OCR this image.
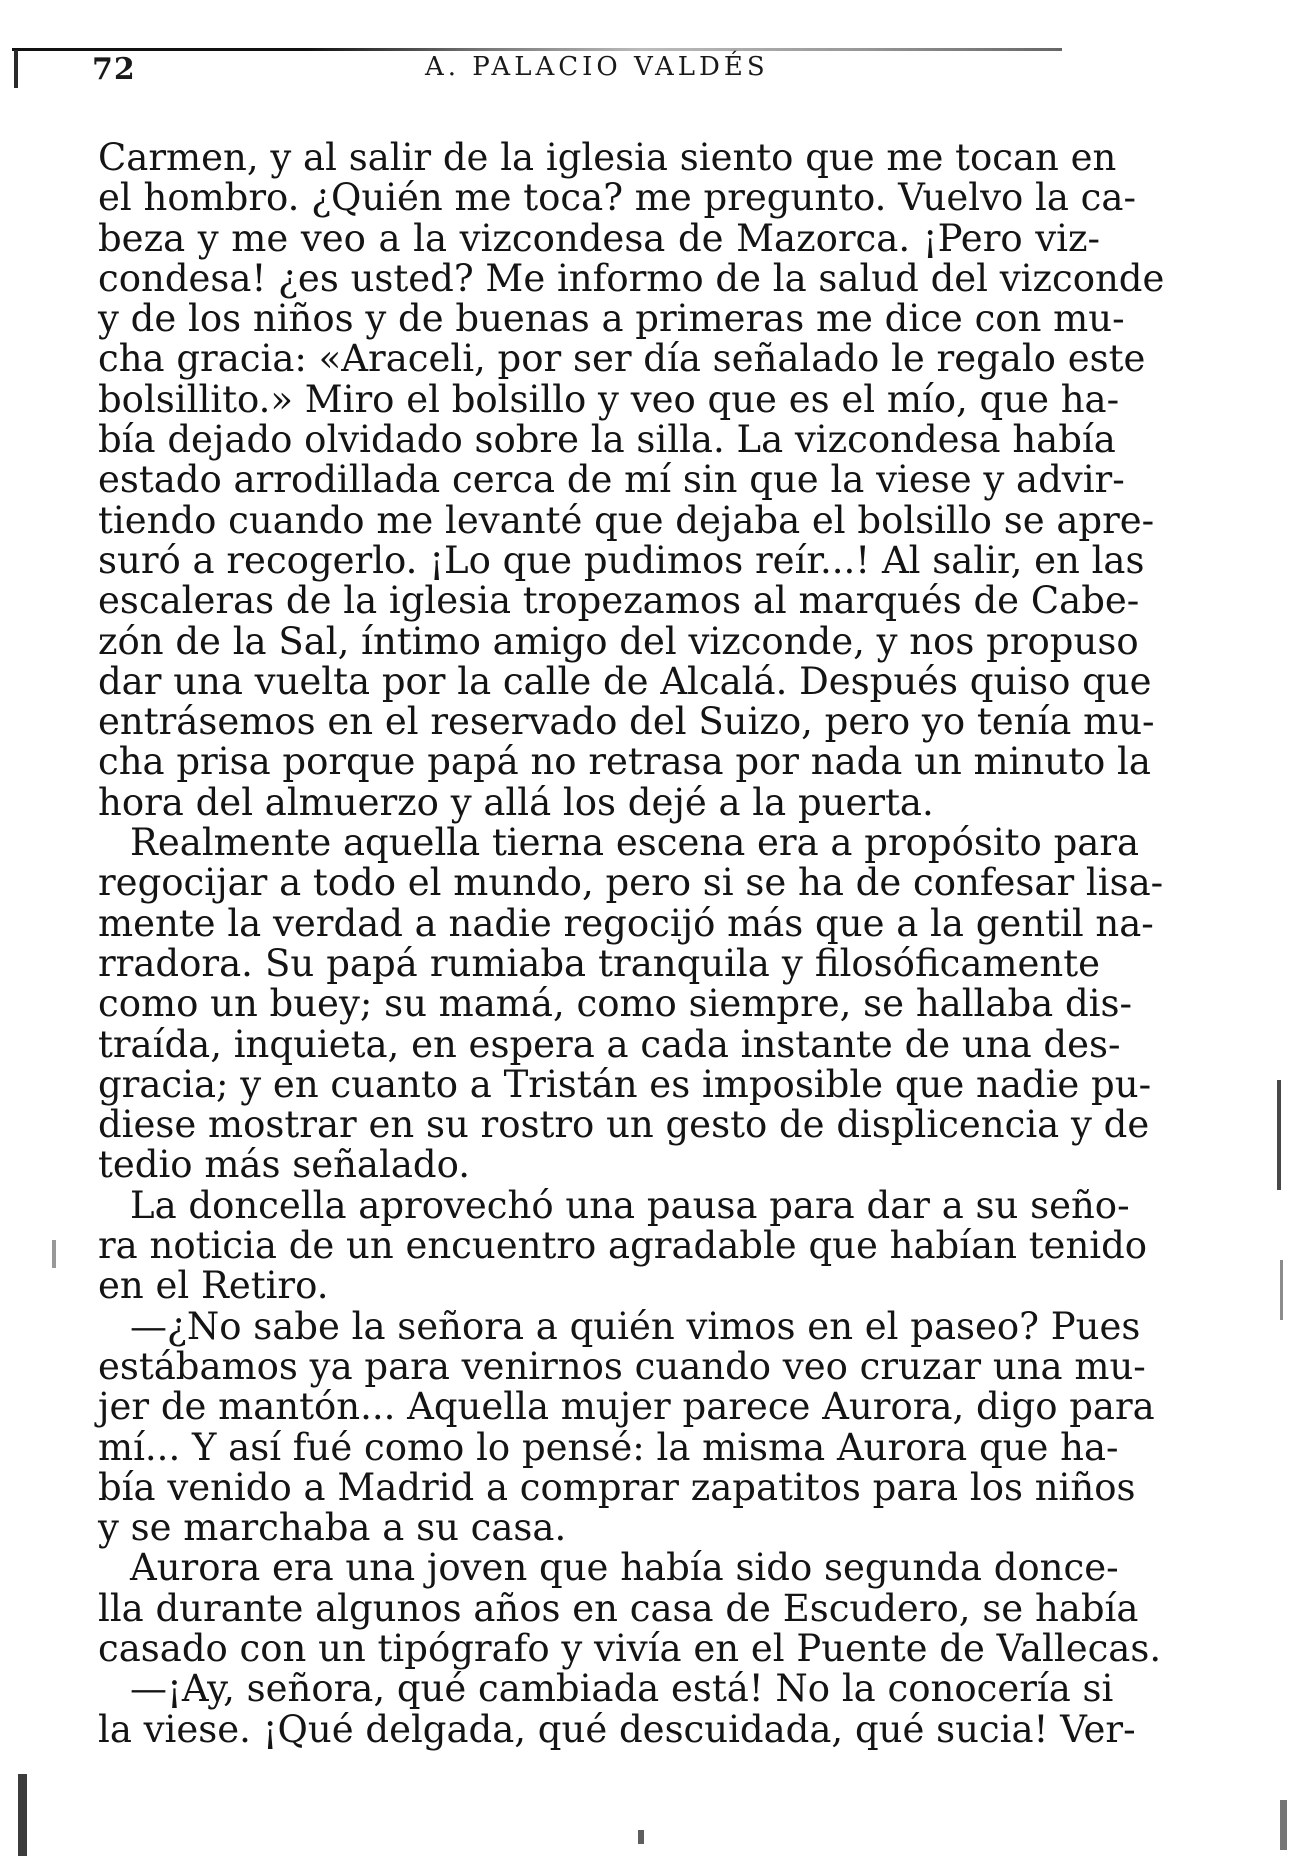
72	A. PALACIO VALDÉS
Carmen, y al salir de la iglesia siento que me tocan en
el hombro. ¿Quién me toca? me pregunto. Vuelvo la ca-
beza y me veo a la vizcondesa de Mazorca. ¡Pero viz-
condesa! ¿es usted? Me informo de la salud del vizconde
y de los niños y de buenas a primeras me dice con mu-
cha gracia: «Araceli, por ser día señalado le regalo este
bolsillito.» Miro el bolsillo y veo que es el mío, que ha-
bía dejado olvidado sobre la silla. La vizcondesa había
estado arrodillada cerca de mí sin que la viese y advir-
tiendo cuando me levanté que dejaba el bolsillo se apre-
suró a recogerlo. ¡Lo que pudimos reír...! Al salir, en las
escaleras de la iglesia tropezamos al marqués de Cabe-
zón de la Sal, íntimo amigo del vizconde, y nos propuso
dar una vuelta por la calle de Alcalá. Después quiso que
entrásemos en el reservado del Suizo, pero yo tenía mu-
cha prisa porque papá no retrasa por nada un minuto la
hora del almuerzo y allá los dejé a la puerta.
Realmente aquella tierna escena era a propósito para
regocijar a todo el mundo, pero si se ha de confesar lisa-
mente la verdad a nadie regocijó más que a la gentil na-
rradora. Su papá rumiaba tranquila y filosóficamente
como un buey; su mamá, como siempre, se hallaba dis-
traída, inquieta, en espera a cada instante de una des-
gracia; y en cuanto a Tristán es imposible que nadie pu-
diese mostrar en su rostro un gesto de displicencia y de
tedio más señalado.
La doncella aprovechó una pausa para dar a su seño-
ra noticia de un encuentro agradable que habían tenido
en el Retiro.
—¿No sabe la señora a quién vimos en el paseo? Pues
estábamos ya para venirnos cuando veo cruzar una mu-
jer de mantón... Aquella mujer parece Aurora, digo para
mí... Y así fué como lo pensé: la misma Aurora que ha-
bía venido a Madrid a comprar zapatitos para los niños
y se marchaba a su casa.
Aurora era una joven que había sido segunda donce-
lla durante algunos años en casa de Escudero, se había
casado con un tipógrafo y vivía en el Puente de Vallecas.
—¡Ay, señora, qué cambiada está! No la conocería si
la viese. ¡Qué delgada, qué descuidada, qué sucia! Ver-
